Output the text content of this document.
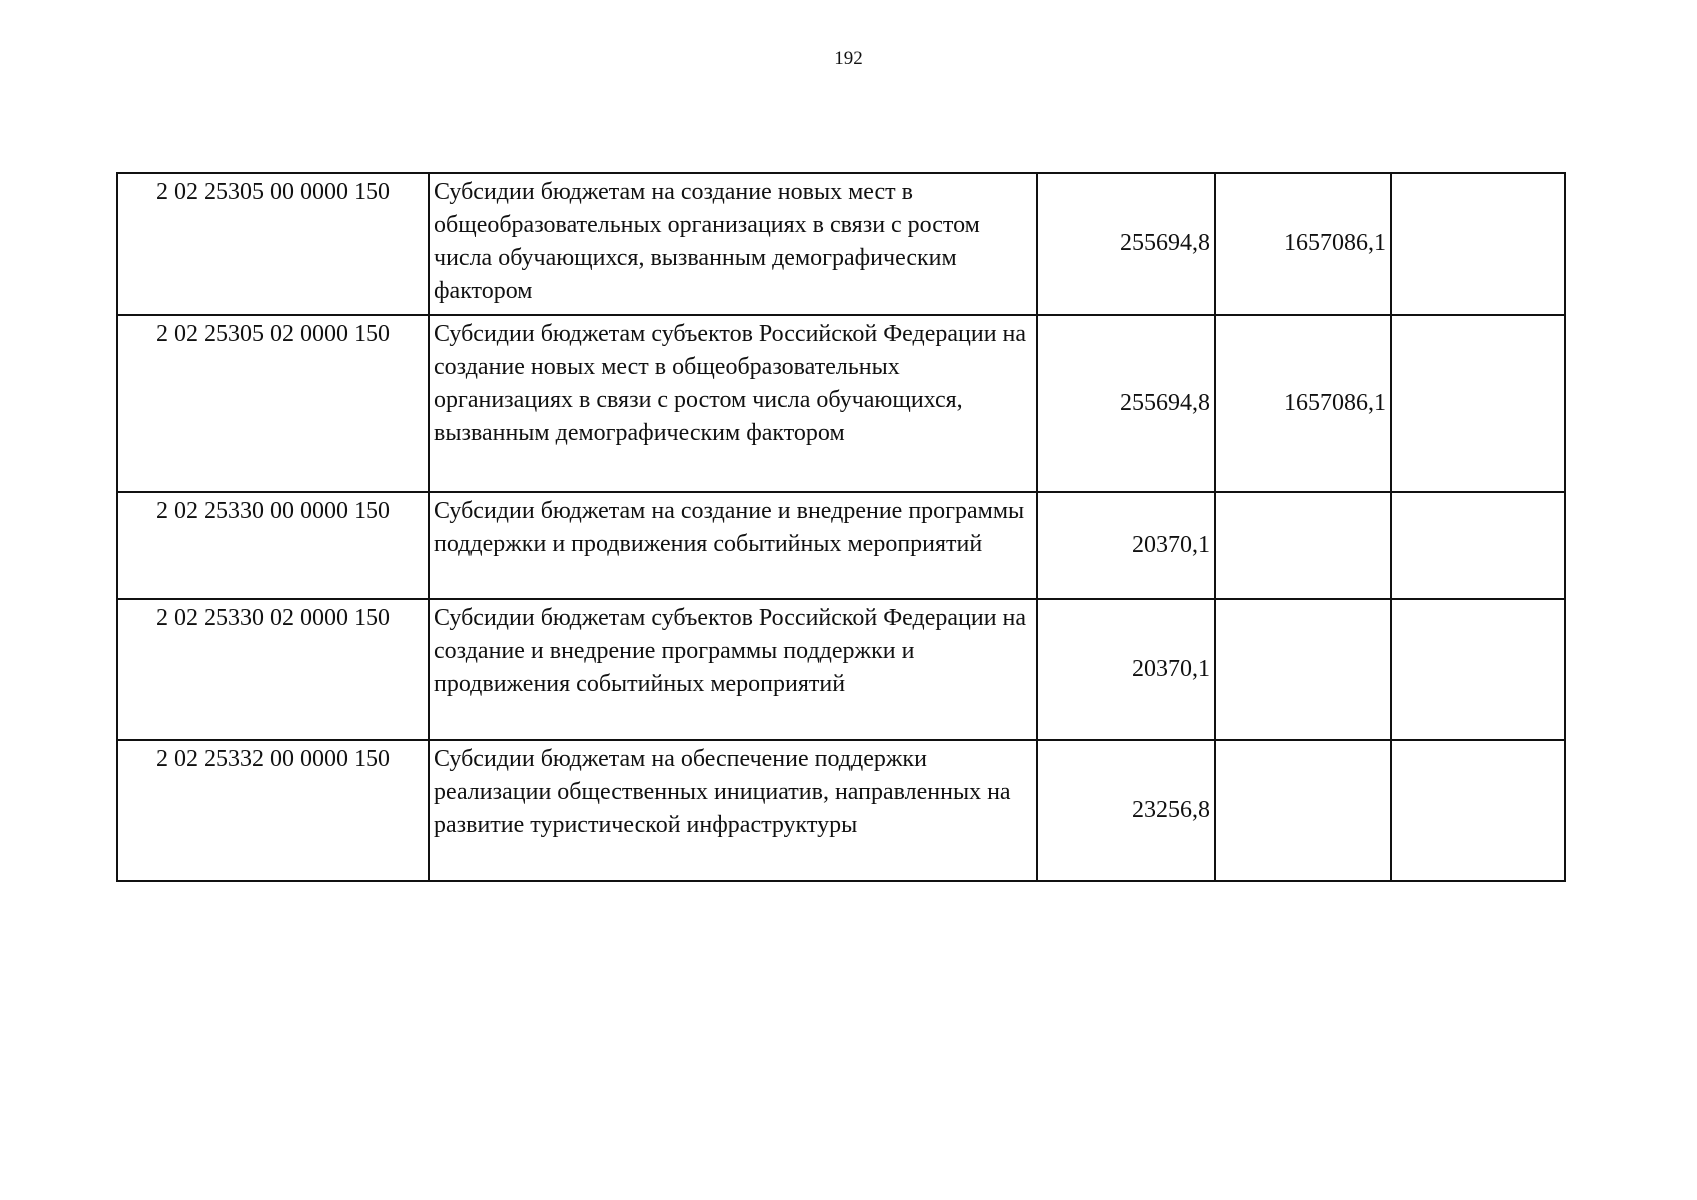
192
2 02 25305 00 0000 150	Субсидии бюджетам на создание новых мест в общеобразовательных организациях в связи с ростом числа обучающихся, вызванным демографическим фактором	255694,8	1657086,1	
2 02 25305 02 0000 150	Субсидии бюджетам субъектов Российской Федерации на создание новых мест в общеобразовательных организациях в связи с ростом числа обучающихся, вызванным демографическим фактором	255694,8	1657086,1	
2 02 25330 00 0000 150	Субсидии бюджетам на создание и внедрение программы поддержки и продвижения событийных мероприятий	20370,1		
2 02 25330 02 0000 150	Субсидии бюджетам субъектов Российской Федерации на создание и внедрение программы поддержки и продвижения событийных мероприятий	20370,1		
2 02 25332 00 0000 150	Субсидии бюджетам на обеспечение поддержки реализации общественных инициатив, направленных на развитие туристической инфраструктуры	23256,8		
